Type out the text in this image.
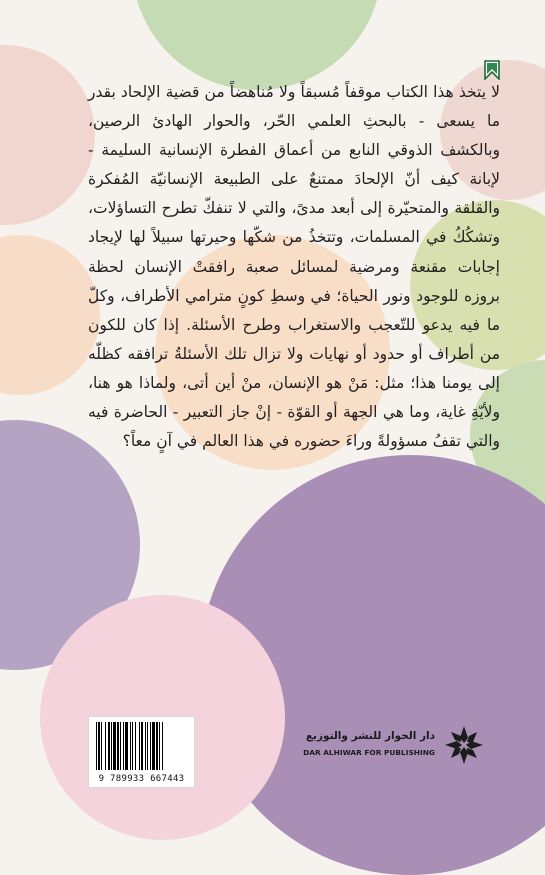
لا يتخذ هذا الكتاب موقفاً مُسبقاً ولا مُناهضاً من قضية الإلحاد بقدر ما يسعى - بالبحثِ العلمي الحّر، والحوار الهادئ الرصين، وبالكشف الذوقي النابع من أعماق الفطرة الإنسانية السليمة - لإبانة كيف أنّ الإلحادَ ممتنعٌ على الطبيعة الإنسانيّة المُفكرة والقلقة والمتحيّرة إلى أبعد مدىً، والتي لا تنفكّ تطرح التساؤلات، وتشكُكُ في المسلمات، وتتخذُ من شكّها وحيرتها سبيلاً لها لإيجاد إجابات مقنعة ومرضية لمسائل صعبة رافقتْ الإنسان لحظة بروزه للوجود ونور الحياة؛ في وسطِ كونٍ مترامي الأطراف، وكلّ ما فيه يدعو للتّعجب والاستغراب وطرح الأسئلة. إذا كان للكون من أطراف أو حدود أو نهايات ولا تزال تلك الأسئلةُ ترافقه كظلّه إلى يومنا هذا؛ مثل: مَنْ هو الإنسان، منْ أين أتى، ولماذا هو هنا، ولأيّةِ غاية، وما هي الجهة أو القوّة - إنْ جاز التعبير - الحاضرة فيه والتي تقفُ مسؤولةً وراءَ حضوره في هذا العالم في آنٍ معاً؟
9 789933 667443
دار الحوار للنشر والتوزيع
DAR ALHIWAR FOR PUBLISHING
